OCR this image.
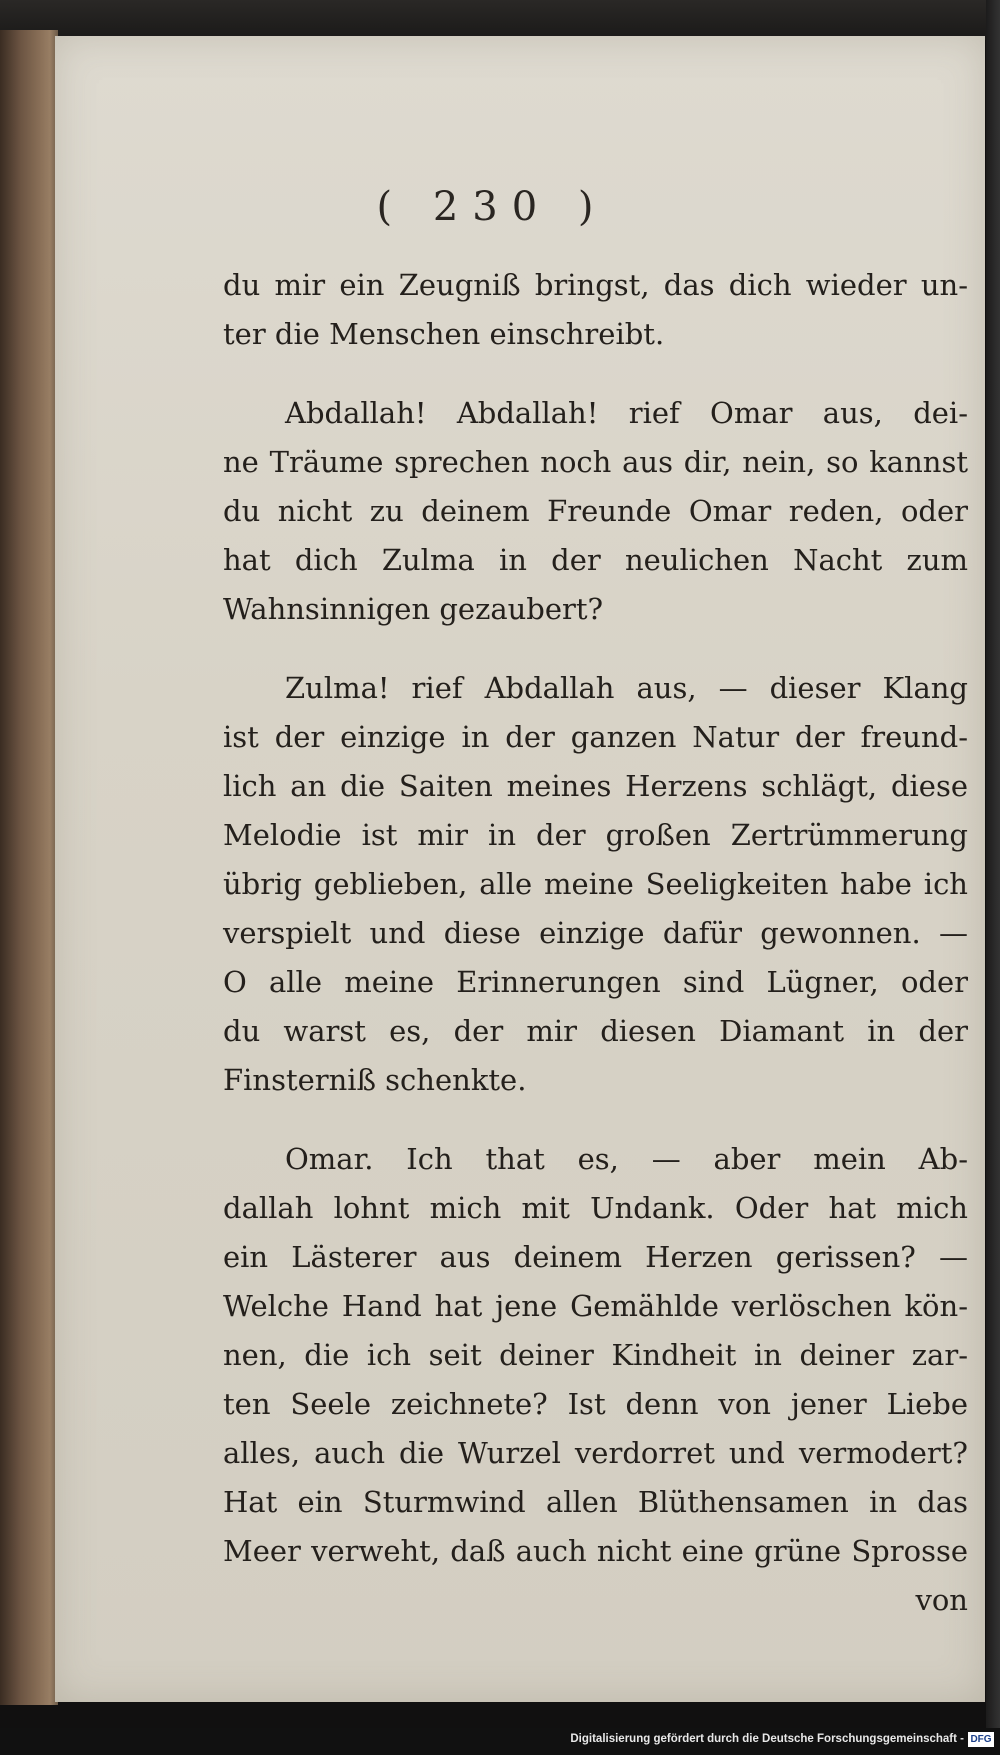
( 230 )
du mir ein Zeugniß bringst, das dich wieder un-
ter die Menschen einschreibt.
Abdallah! Abdallah! rief Omar aus, dei-
ne Träume sprechen noch aus dir, nein, so kannst
du nicht zu deinem Freunde Omar reden, oder
hat dich Zulma in der neulichen Nacht zum
Wahnsinnigen gezaubert?
Zulma! rief Abdallah aus, — dieser Klang
ist der einzige in der ganzen Natur der freund-
lich an die Saiten meines Herzens schlägt, diese
Melodie ist mir in der großen Zertrümmerung
übrig geblieben, alle meine Seeligkeiten habe ich
verspielt und diese einzige dafür gewonnen. —
O alle meine Erinnerungen sind Lügner, oder
du warst es, der mir diesen Diamant in der
Finsterniß schenkte.
Omar. Ich that es, — aber mein Ab-
dallah lohnt mich mit Undank. Oder hat mich
ein Lästerer aus deinem Herzen gerissen? —
Welche Hand hat jene Gemählde verlöschen kön-
nen, die ich seit deiner Kindheit in deiner zar-
ten Seele zeichnete? Ist denn von jener Liebe
alles, auch die Wurzel verdorret und vermodert?
Hat ein Sturmwind allen Blüthensamen in das
Meer verweht, daß auch nicht eine grüne Sprosse
von
Digitalisierung gefördert durch die Deutsche Forschungsgemeinschaft - DFG
